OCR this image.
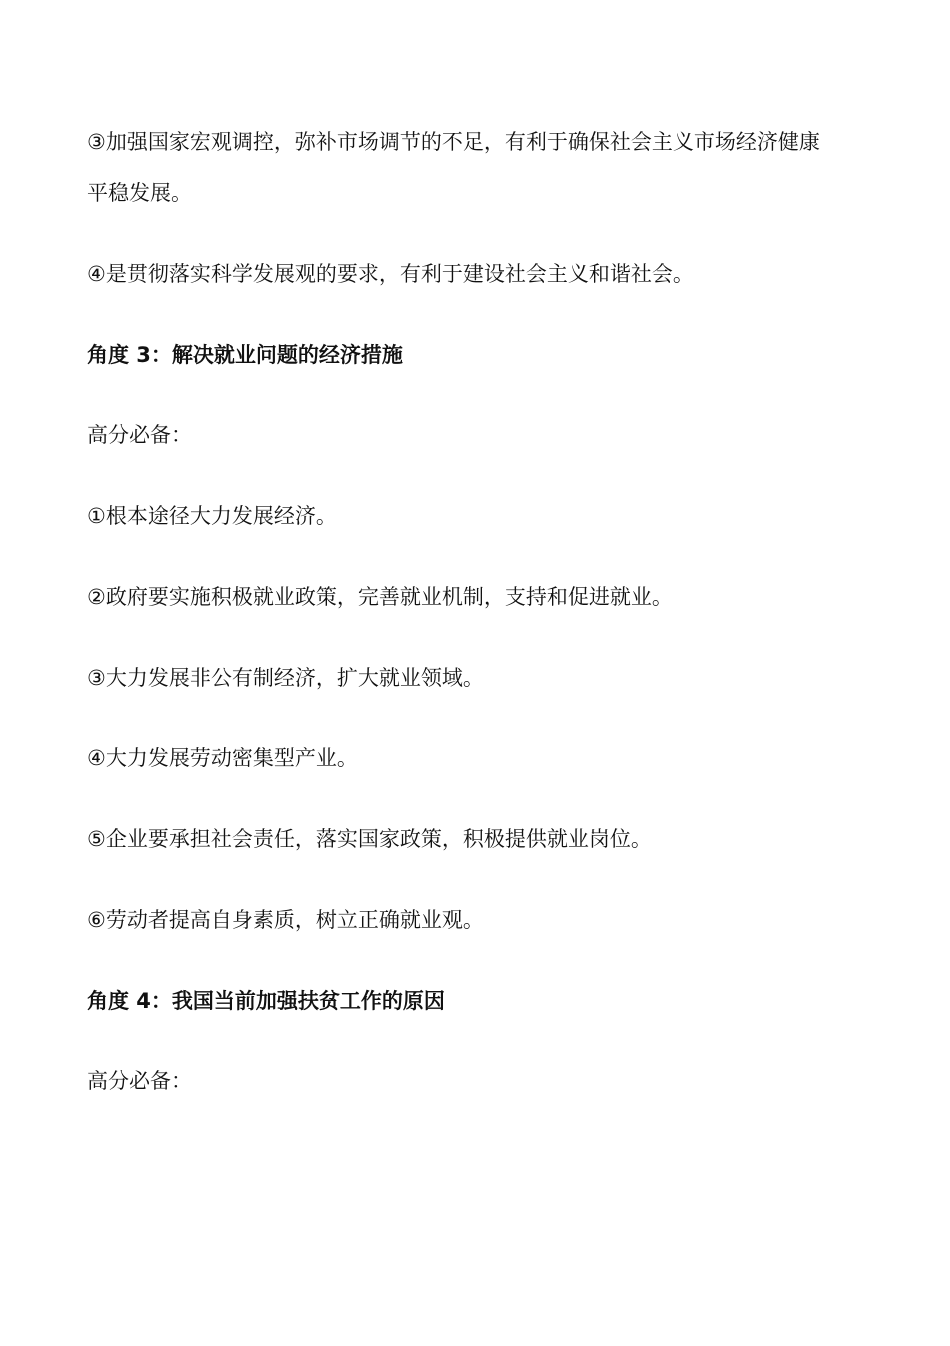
③加强国家宏观调控，弥补市场调节的不足，有利于确保社会主义市场经济健康
平稳发展。
④是贯彻落实科学发展观的要求，有利于建设社会主义和谐社会。
角度 3：解决就业问题的经济措施
高分必备：
①根本途径大力发展经济。
②政府要实施积极就业政策，完善就业机制，支持和促进就业。
③大力发展非公有制经济，扩大就业领域。
④大力发展劳动密集型产业。
⑤企业要承担社会责任，落实国家政策，积极提供就业岗位。
⑥劳动者提高自身素质，树立正确就业观。
角度 4：我国当前加强扶贫工作的原因
高分必备：
